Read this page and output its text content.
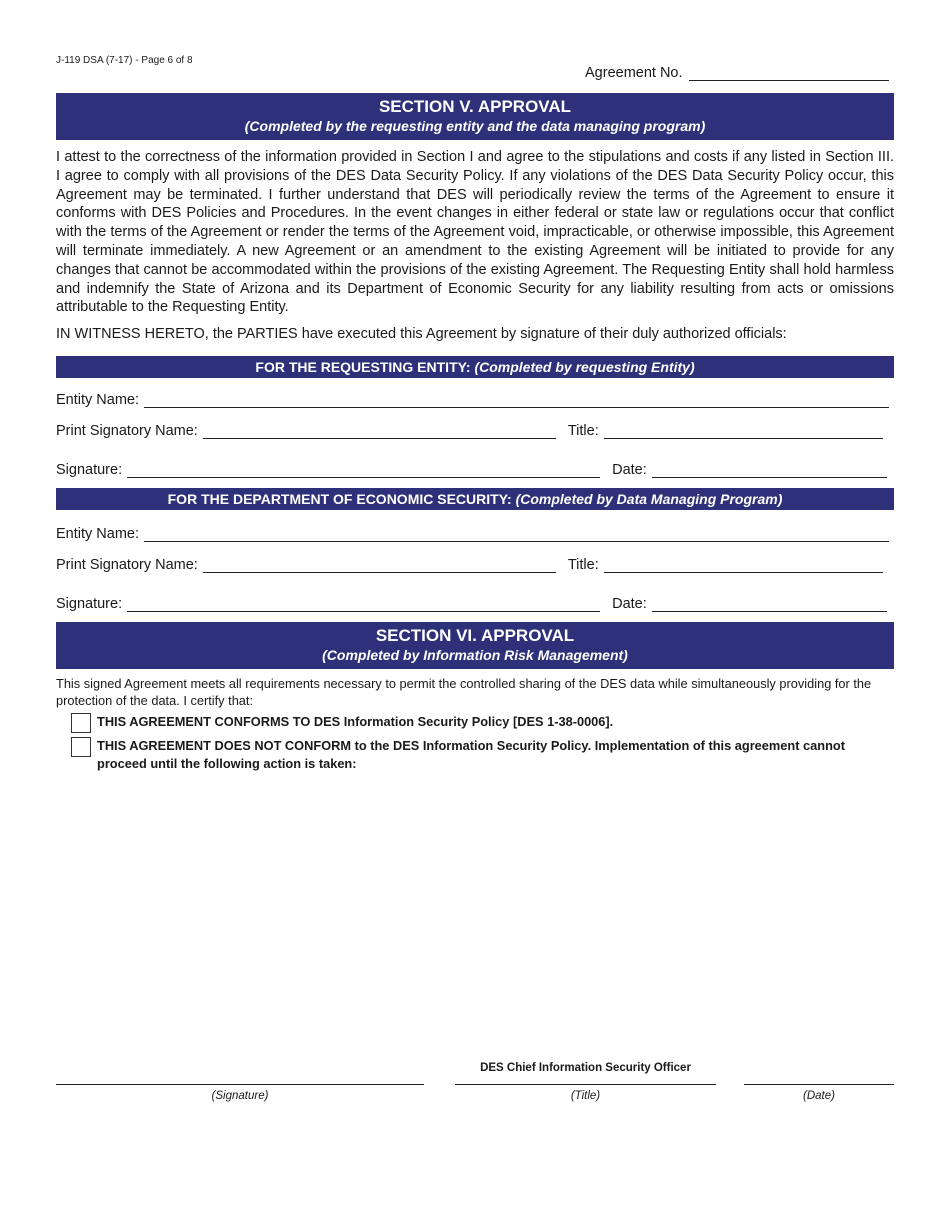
J-119 DSA (7-17) - Page 6 of 8
Agreement No.
SECTION V. APPROVAL
(Completed by the requesting entity and the data managing program)
I attest to the correctness of the information provided in Section I and agree to the stipulations and costs if any listed in Section III. I agree to comply with all provisions of the DES Data Security Policy. If any violations of the DES Data Security Policy occur, this Agreement may be terminated. I further understand that DES will periodically review the terms of the Agreement to ensure it conforms with DES Policies and Procedures. In the event changes in either federal or state law or regulations occur that conflict with the terms of the Agreement or render the terms of the Agreement void, impracticable, or otherwise impossible, this Agreement will terminate immediately. A new Agreement or an amendment to the existing Agreement will be initiated to provide for any changes that cannot be accommodated within the provisions of the existing Agreement. The Requesting Entity shall hold harmless and indemnify the State of Arizona and its Department of Economic Security for any liability resulting from acts or omissions attributable to the Requesting Entity.
IN WITNESS HERETO, the PARTIES have executed this Agreement by signature of their duly authorized officials:
FOR THE REQUESTING ENTITY: (Completed by requesting Entity)
Entity Name:
Print Signatory Name:	Title:
Signature:	Date:
FOR THE DEPARTMENT OF ECONOMIC SECURITY: (Completed by Data Managing Program)
Entity Name:
Print Signatory Name:	Title:
Signature:	Date:
SECTION VI. APPROVAL
(Completed by Information Risk Management)
This signed Agreement meets all requirements necessary to permit the controlled sharing of the DES data while simultaneously providing for the protection of the data. I certify that:
THIS AGREEMENT CONFORMS TO DES Information Security Policy [DES 1-38-0006].
THIS AGREEMENT DOES NOT CONFORM to the DES Information Security Policy. Implementation of this agreement cannot proceed until the following action is taken:
DES Chief Information Security Officer
(Signature)	(Title)	(Date)
